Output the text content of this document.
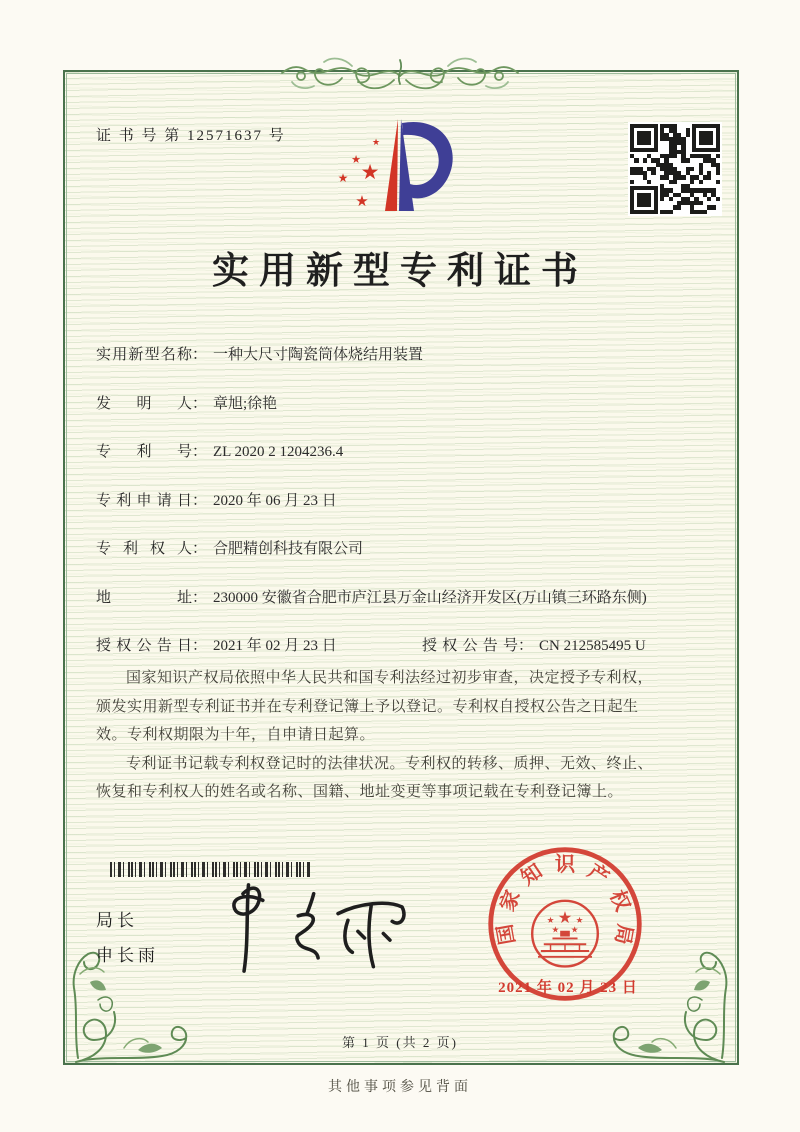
证 书 号 第 12571637 号	★
★
★
★
★
实用新型专利证书
实用新型名称 ： 一种大尺寸陶瓷筒体烧结用装置
发明人 ： 章旭;徐艳
专利号 ： ZL 2020 2 1204236.4
专利申请日 ： 2020 年 06 月 23 日
专利权人 ： 合肥精创科技有限公司
地址 ： 230000 安徽省合肥市庐江县万金山经济开发区(万山镇三环路东侧)
授权公告日 ： 2021 年 02 月 23 日	授权公告号 ： CN 212585495 U

国家知识产权局依照中华人民共和国专利法经过初步审查，决定授予专利权，颁发实用新型专利证书并在专利登记簿上予以登记。专利权自授权公告之日起生效。专利权期限为十年，自申请日起算。

专利证书记载专利权登记时的法律状况。专利权的转移、质押、无效、终止、恢复和专利权人的姓名或名称、国籍、地址变更等事项记载在专利登记簿上。

局长
申长雨
国
家
知 识 产
权
局
★
★ ★
★ ★
2021 年 02 月 23 日
第 1 页 (共 2 页)
其他事项参见背面
